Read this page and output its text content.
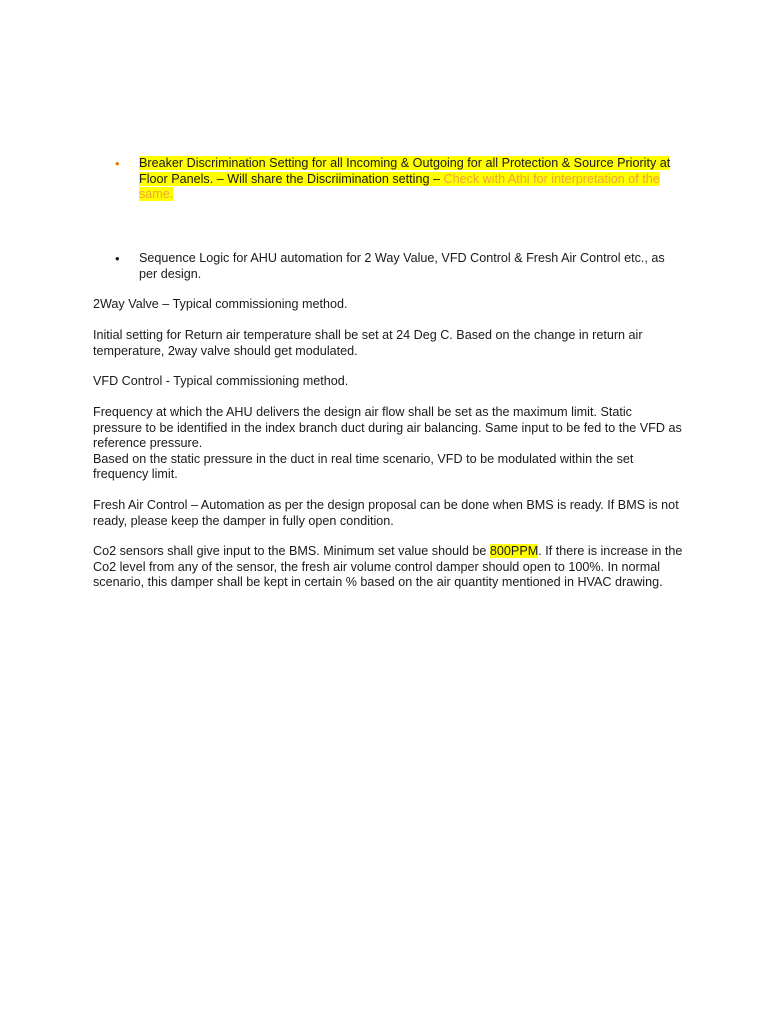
• Breaker Discrimination Setting for all Incoming & Outgoing for all Protection & Source Priority at Floor Panels. – Will share the Discriimination setting – Check with Athi for interpretation of the same.
• Sequence Logic for AHU automation for 2 Way Value, VFD Control & Fresh Air Control etc., as per design.
2Way Valve – Typical commissioning method.
Initial setting for Return air temperature shall be set at 24 Deg C. Based on the change in return air temperature, 2way valve should get modulated.
VFD Control - Typical commissioning method.
Frequency at which the AHU delivers the design air flow shall be set as the maximum limit. Static pressure to be identified in the index branch duct during air balancing. Same input to be fed to the VFD as reference pressure.
Based on the static pressure in the duct in real time scenario, VFD to be modulated within the set frequency limit.
Fresh Air Control – Automation as per the design proposal can be done when BMS is ready. If BMS is not ready, please keep the damper in fully open condition.
Co2 sensors shall give input to the BMS. Minimum set value should be 800PPM. If there is increase in the Co2 level from any of the sensor, the fresh air volume control damper should open to 100%. In normal scenario, this damper shall be kept in certain % based on the air quantity mentioned in HVAC drawing.
